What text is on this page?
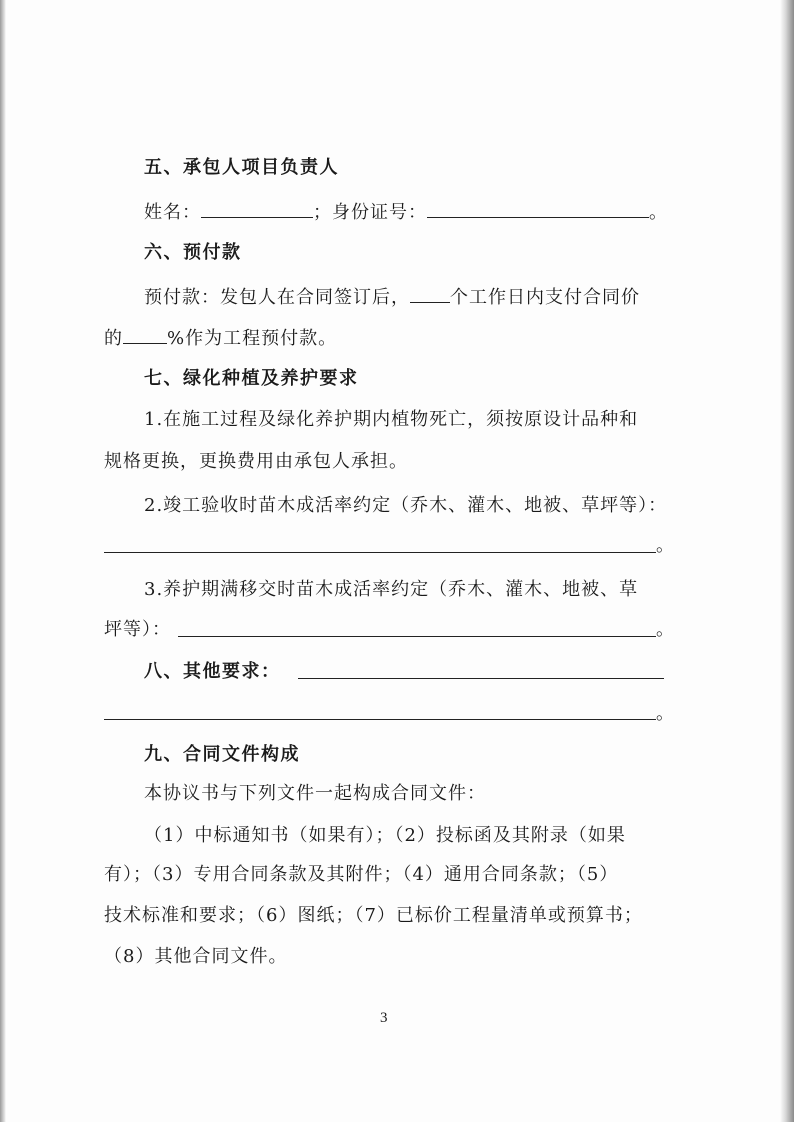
五、承包人项目负责人
姓名：	；身份证号：	。
六、预付款
预付款：发包人在合同签订后， 个工作日内支付合同价
的 %作为工程预付款。
七、绿化种植及养护要求
1.在施工过程及绿化养护期内植物死亡，须按原设计品种和
规格更换，更换费用由承包人承担。
2.竣工验收时苗木成活率约定（乔木、灌木、地被、草坪等）：
。
3.养护期满移交时苗木成活率约定（乔木、灌木、地被、草
坪等）：	。
八、其他要求：
。
九、合同文件构成
本协议书与下列文件一起构成合同文件：
（1）中标通知书（如果有）；（2）投标函及其附录（如果
有）；（3）专用合同条款及其附件；（4）通用合同条款；（5）
技术标准和要求；（6）图纸；（7）已标价工程量清单或预算书；
（8）其他合同文件。
3
